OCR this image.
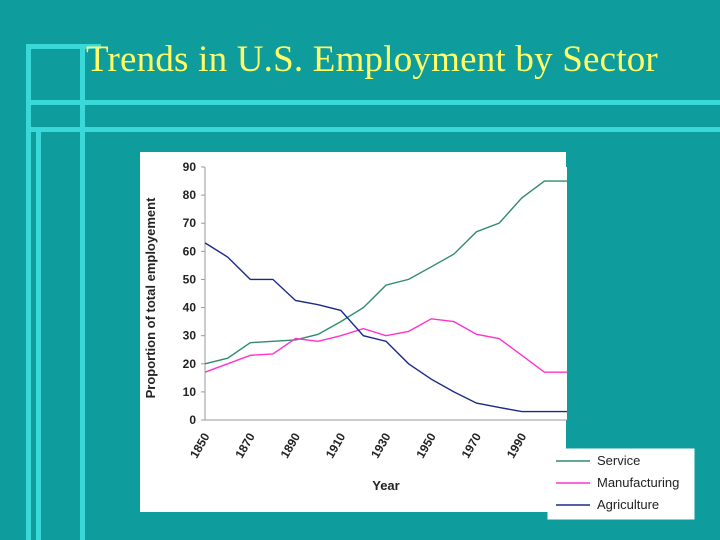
Trends in U.S. Employment by Sector
0
10
20
30
40
50
60
70
80
90
1850 1870 1890 1910 1930 1950 1970 1990
Proportion of total employement
Year
Service
Manufacturing
Agriculture
